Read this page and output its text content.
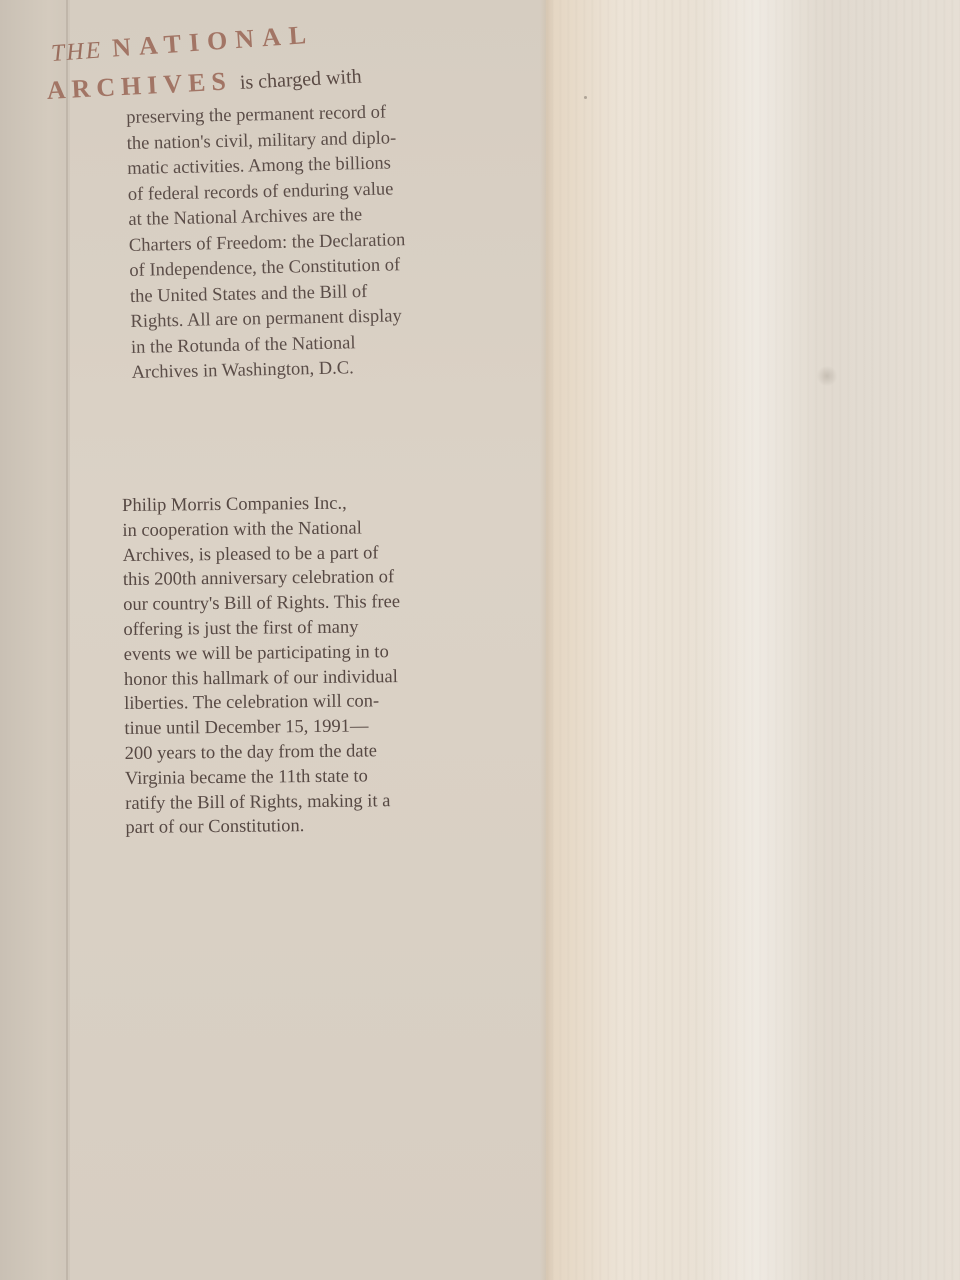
THE NATIONAL
ARCHIVES is charged with

preserving the permanent record of
the nation's civil, military and diplo-
matic activities. Among the billions
of federal records of enduring value
at the National Archives are the
Charters of Freedom: the Declaration
of Independence, the Constitution of
the United States and the Bill of
Rights. All are on permanent display
in the Rotunda of the National
Archives in Washington, D.C.

Philip Morris Companies Inc.,
in cooperation with the National
Archives, is pleased to be a part of
this 200th anniversary celebration of
our country's Bill of Rights. This free
offering is just the first of many
events we will be participating in to
honor this hallmark of our individual
liberties. The celebration will con-
tinue until December 15, 1991—
200 years to the day from the date
Virginia became the 11th state to
ratify the Bill of Rights, making it a
part of our Constitution.
